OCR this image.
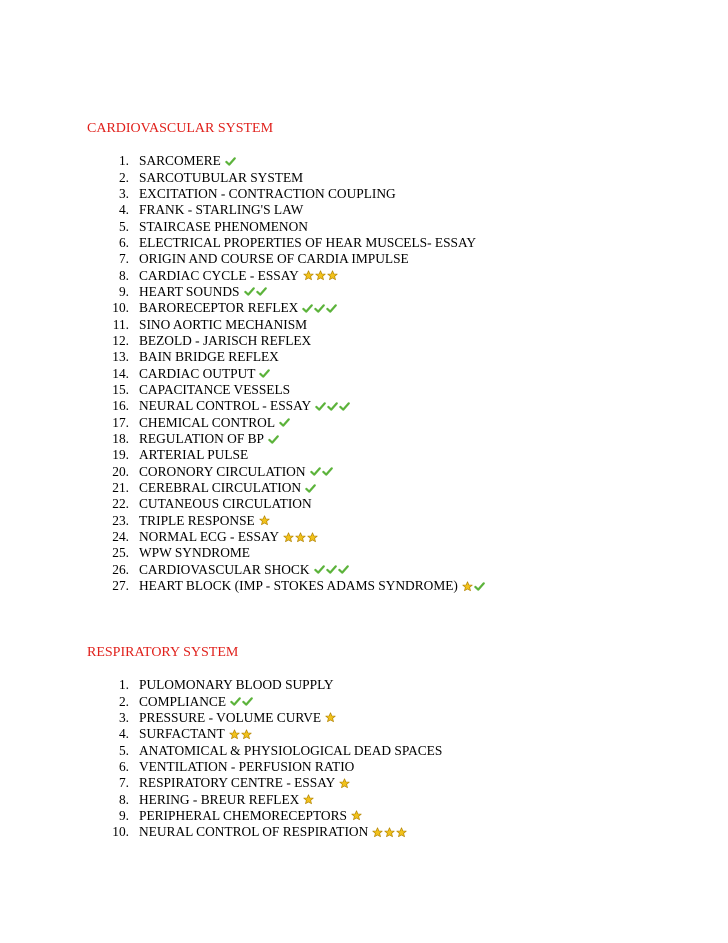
CARDIOVASCULAR SYSTEM
1. SARCOMERE
2. SARCOTUBULAR SYSTEM
3. EXCITATION - CONTRACTION COUPLING
4. FRANK - STARLING'S LAW
5. STAIRCASE PHENOMENON
6. ELECTRICAL PROPERTIES OF HEAR MUSCELS- ESSAY
7. ORIGIN AND COURSE OF CARDIA IMPULSE
8. CARDIAC CYCLE - ESSAY
9. HEART SOUNDS
10. BARORECEPTOR REFLEX
11. SINO AORTIC MECHANISM
12. BEZOLD - JARISCH REFLEX
13. BAIN BRIDGE REFLEX
14. CARDIAC OUTPUT
15. CAPACITANCE VESSELS
16. NEURAL CONTROL - ESSAY
17. CHEMICAL CONTROL
18. REGULATION OF BP
19. ARTERIAL PULSE
20. CORONORY CIRCULATION
21. CEREBRAL CIRCULATION
22. CUTANEOUS CIRCULATION
23. TRIPLE RESPONSE
24. NORMAL ECG - ESSAY
25. WPW SYNDROME
26. CARDIOVASCULAR SHOCK
27. HEART BLOCK (IMP - STOKES ADAMS SYNDROME)
RESPIRATORY SYSTEM
1. PULOMONARY BLOOD SUPPLY
2. COMPLIANCE
3. PRESSURE - VOLUME CURVE
4. SURFACTANT
5. ANATOMICAL & PHYSIOLOGICAL DEAD SPACES
6. VENTILATION - PERFUSION RATIO
7. RESPIRATORY CENTRE - ESSAY
8. HERING - BREUR REFLEX
9. PERIPHERAL CHEMORECEPTORS
10. NEURAL CONTROL OF RESPIRATION
